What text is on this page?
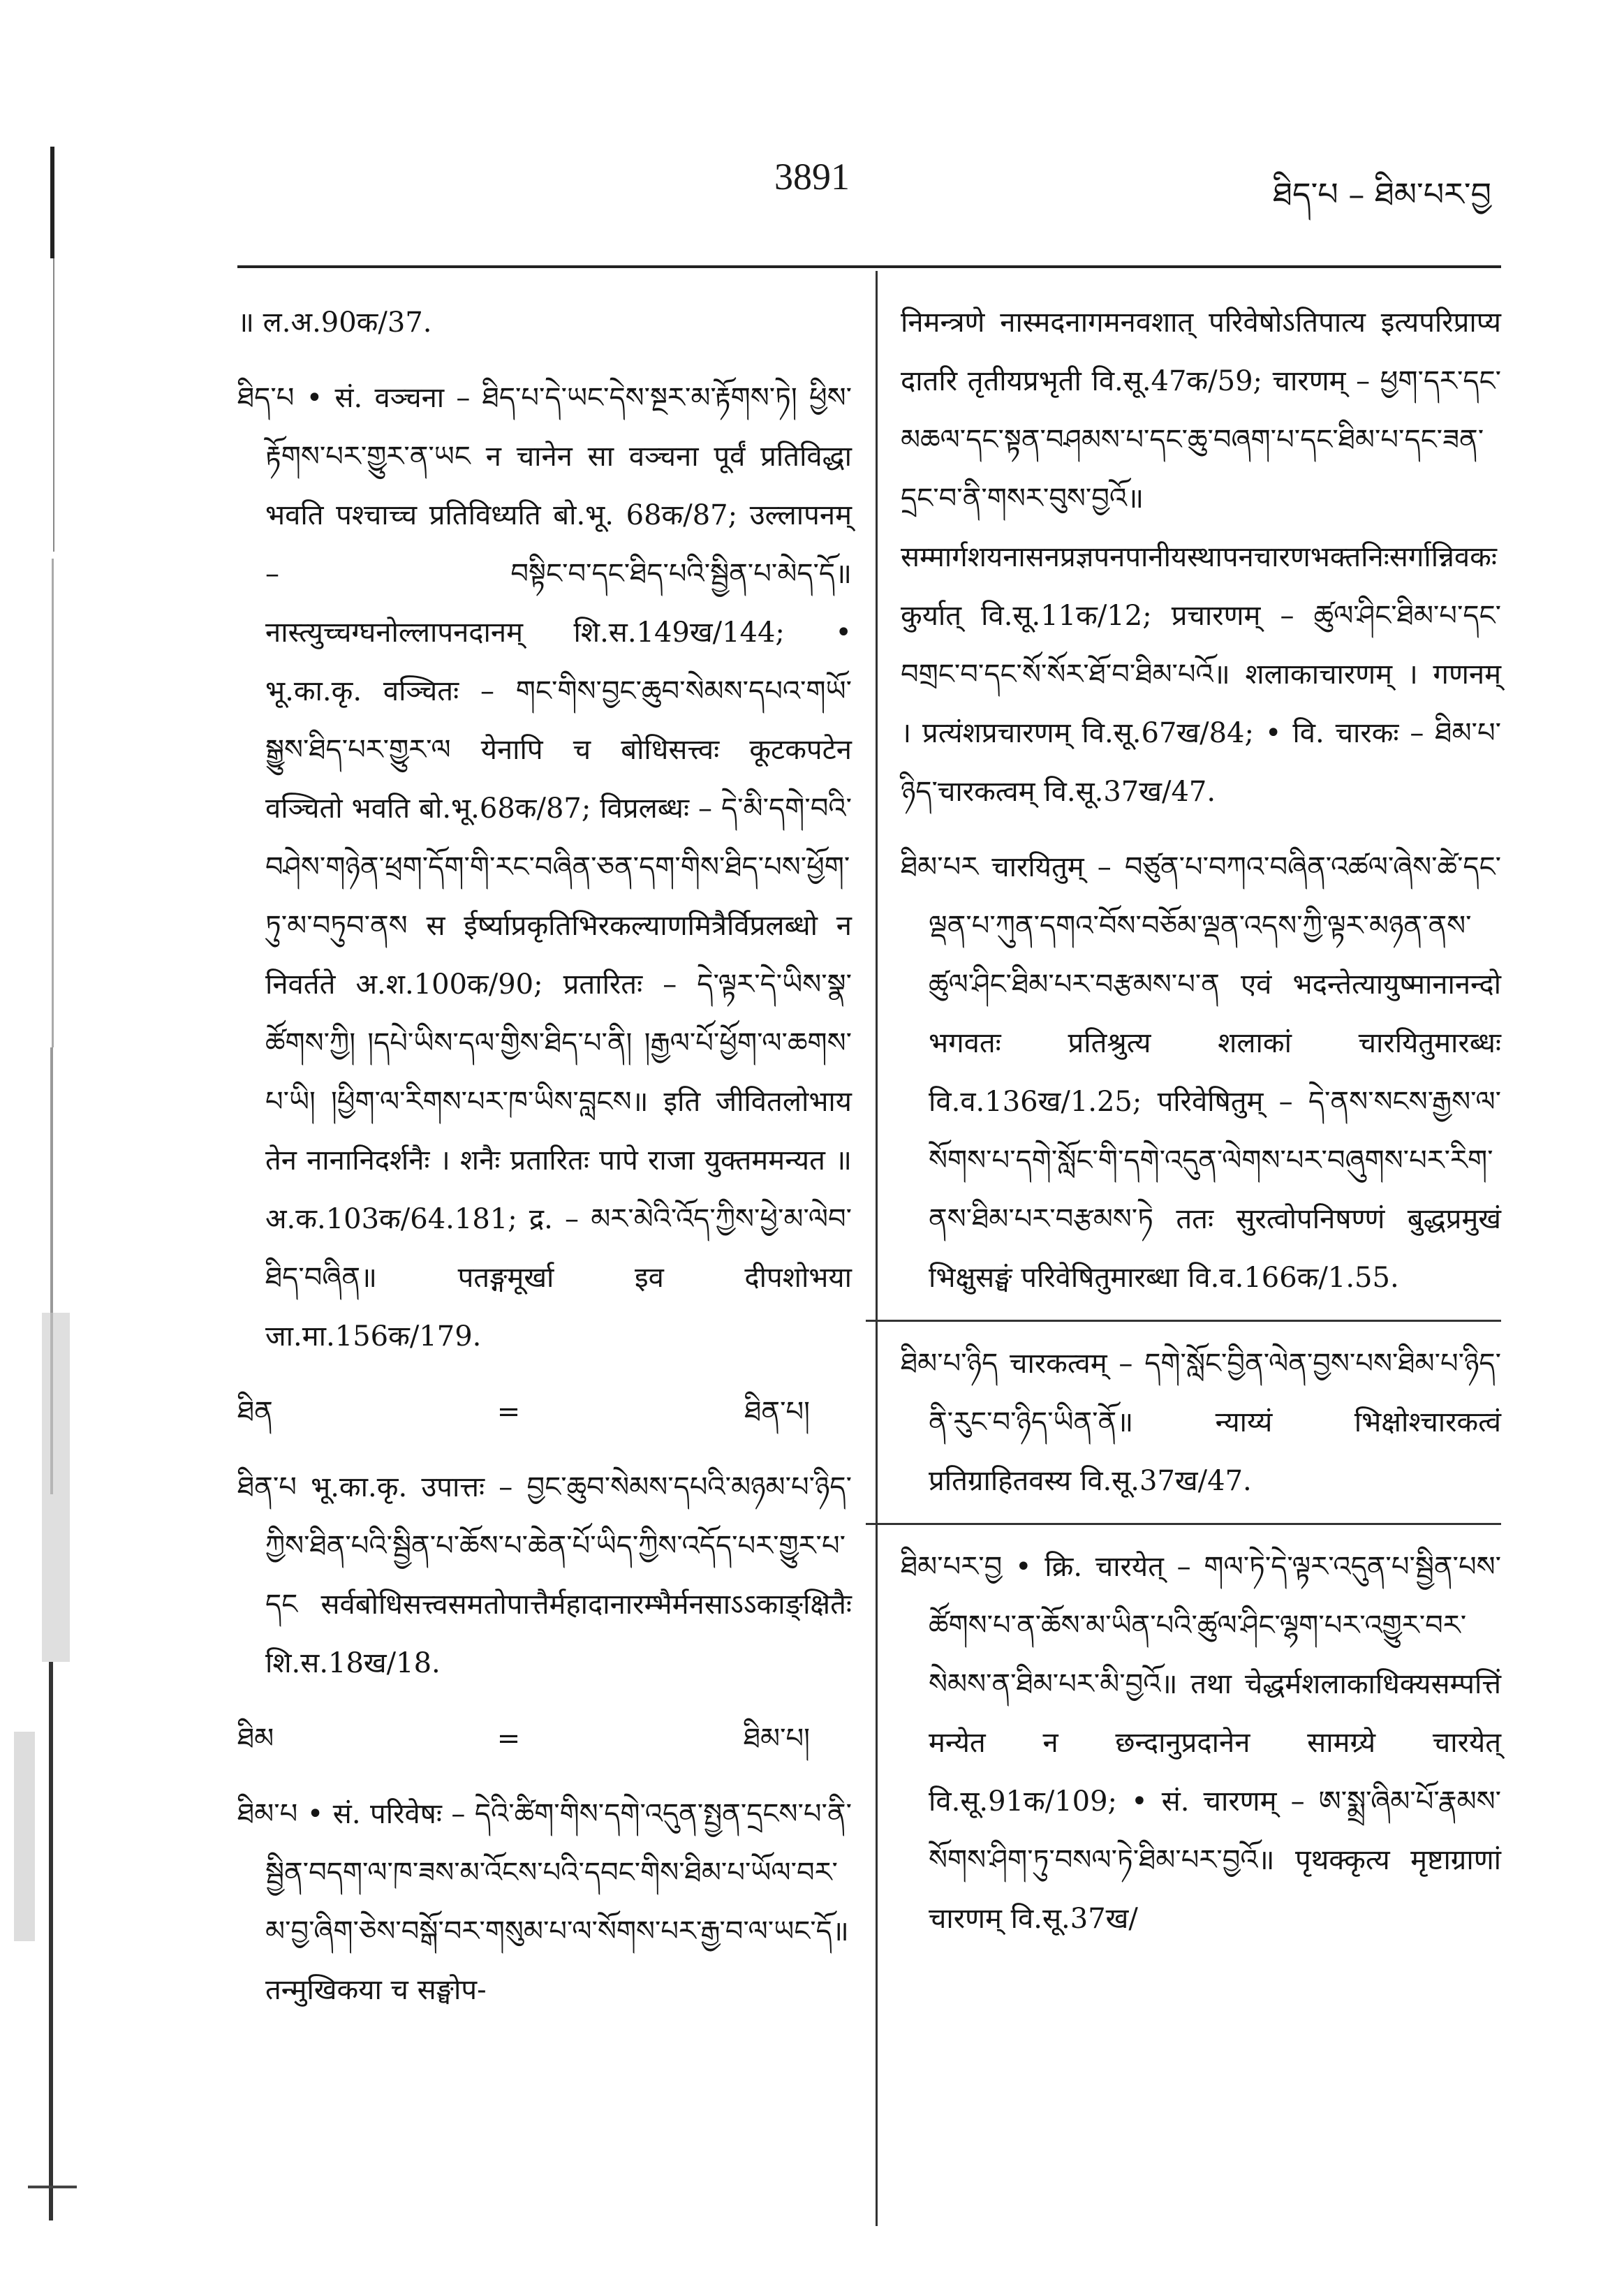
3891	ཐིད་པ – ཐིམ་པར་བྱ

॥ ल.अ.90क/37.

ཐིད་པ • सं. वञ्चना – ཐིད་པ་དེ་ཡང་དེས་སྔར་མ་རྟོགས་ཏེ། ཕྱིས་རྟོགས་པར་གྱུར་ན་ཡང न चानेन सा वञ्चना पूर्वं प्रतिविद्धा भवति पश्चाच्च प्रतिविध्यति बो.भू. 68क/87; उल्लापनम् – བསྟིང་བ་དང་ཐིད་པའི་སྦྱིན་པ་མེད་དོ॥ नास्त्युच्चग्घनोल्लापनदानम् शि.स.149ख/144; • भू.का.कृ. वञ्चितः – གང་གིས་བྱང་ཆུབ་སེམས་དཔའ་གཡོ་སྒྱུས་ཐིད་པར་གྱུར་ལ येनापि च बोधिसत्त्वः कूटकपटेन वञ्चितो भवति बो.भू.68क/87; विप्रलब्धः – དེ་མི་དགེ་བའི་བཤེས་གཉེན་ཕྲག་དོག་གི་རང་བཞིན་ཅན་དག་གིས་ཐིད་པས་ཕྱོག་ཏུ་མ་བཏུབ་ནས स ईर्ष्याप्रकृतिभिरकल्याणमित्रैर्विप्रलब्धो न निवर्तते अ.श.100क/90; प्रतारितः – དེ་ལྟར་དེ་ཡིས་སྣ་ཚོགས་ཀྱི། །དཔེ་ཡིས་དལ་གྱིས་ཐིད་པ་ནི། །རྒྱལ་པོ་ཕྱོག་ལ་ཆགས་པ་ཡི། །ཕྱིག་ལ་རིགས་པར་ཁ་ཡིས་བླངས॥ इति जीवितलोभाय तेन नानानिदर्शनैः । शनैः प्रतारितः पापे राजा युक्तममन्यत ॥ अ.क.103क/64.181; द्र. – མར་མེའི་འོད་ཀྱིས་ཕྱེ་མ་ལེབ་ཐིད་བཞིན॥ पतङ्गमूर्खा इव दीपशोभया जा.मा.156क/179.

ཐིན	=	ཐིན་པ།

ཐིན་པ भू.का.कृ. उपात्तः – བྱང་ཆུབ་སེམས་དཔའི་མཉམ་པ་ཉིད་ཀྱིས་ཐིན་པའི་སྦྱིན་པ་ཆོས་པ་ཆེན་པོ་ཡིད་ཀྱིས་འདོད་པར་གྱུར་པ་དང सर्वबोधिसत्त्वसमतोपात्तैर्महादानारम्भैर्मनसाऽऽकाङ्क्षितैः शि.स.18ख/18.

ཐིམ	=	ཐིམ་པ།

ཐིམ་པ • सं. परिवेषः – དེའི་ཚིག་གིས་དགེ་འདུན་སྤྱན་དྲངས་པ་ནི་སྦྱིན་བདག་ལ་ཁ་ཟས་མ་འོངས་པའི་དབང་གིས་ཐིམ་པ་ཡོལ་བར་མ་བྱ་ཞིག་ཅེས་བསྒོ་བར་གསུམ་པ་ལ་སོགས་པར་རྒྱ་བ་ལ་ཡང་དོ॥ तन्मुखिकया च सङ्घोप-

निमन्त्रणे नास्मदनागमनवशात् परिवेषोऽतिपात्य इत्यपरिप्राप्य दातरि तृतीयप्रभृती वि.सू.47क/59; चारणम् – ཕྱག་དར་དང་མཆལ་དང་སྟན་བཤམས་པ་དང་ཆུ་བཞག་པ་དང་ཐིམ་པ་དང་ཟན་དྲང་བ་ནི་གསར་བུས་བྱའོ॥ सम्मार्गशयनासनप्रज्ञपनपानीयस्थापनचारणभक्तनिःसर्गान्निवकः कुर्यात् वि.सू.11क/12; प्रचारणम् – ཚུལ་ཤིང་ཐིམ་པ་དང་བགྲང་བ་དང་སོ་སོར་ཐོ་བ་ཐིམ་པའོ॥ शलाकाचारणम् । गणनम् । प्रत्यंशप्रचारणम् वि.सू.67ख/84; • वि. चारकः – ཐིམ་པ་ཉིད་चारकत्वम् वि.सू.37ख/47.

ཐིམ་པར चारयितुम् – བཙུན་པ་བཀའ་བཞིན་འཚལ་ཞེས་ཚེ་དང་ལྡན་པ་ཀུན་དགའ་བོས་བཅོམ་ལྡན་འདས་ཀྱི་ལྟར་མཉན་ནས་ཚུལ་ཤིང་ཐིམ་པར་བརྩམས་པ་ན एवं भदन्तेत्यायुष्मानानन्दो भगवतः प्रतिश्रुत्य शलाकां चारयितुमारब्धः वि.व.136ख/1.25; परिवेषितुम् – དེ་ནས་སངས་རྒྱས་ལ་སོགས་པ་དགེ་སློང་གི་དགེ་འདུན་ལེགས་པར་བཞུགས་པར་རིག་ནས་ཐིམ་པར་བརྩམས་ཏེ ततः सुरत्वोपनिषण्णं बुद्धप्रमुखं भिक्षुसङ्घं परिवेषितुमारब्धा वि.व.166क/1.55.

ཐིམ་པ་ཉིད चारकत्वम् – དགེ་སློང་བྱིན་ལེན་བྱས་པས་ཐིམ་པ་ཉིད་ནི་རུང་བ་ཉིད་ཡིན་ནོ॥ न्याय्यं भिक्षोश्चारकत्वं प्रतिग्राहितवस्य वि.सू.37ख/47.

ཐིམ་པར་བྱ • क्रि. चारयेत् – གལ་ཏེ་དེ་ལྟར་འདུན་པ་སྦྱིན་པས་ཚོགས་པ་ན་ཆོས་མ་ཡིན་པའི་ཚུལ་ཤིང་ལྷག་པར་འགྱུར་བར་སེམས་ན་ཐིམ་པར་མི་བྱའོ॥ तथा चेद्धर्मशलाकाधिक्यसम्पत्तिं मन्येत न छन्दानुप्रदानेन सामग्र्ये चारयेत् वि.सू.91क/109; • सं. चारणम् – ཨ་སྨྲ་ཞིམ་པོ་རྣམས་སོགས་ཤིག་ཏུ་བསལ་ཏེ་ཐིམ་པར་བྱའོ॥ पृथक्कृत्य मृष्टाग्राणां चारणम् वि.सू.37ख/
